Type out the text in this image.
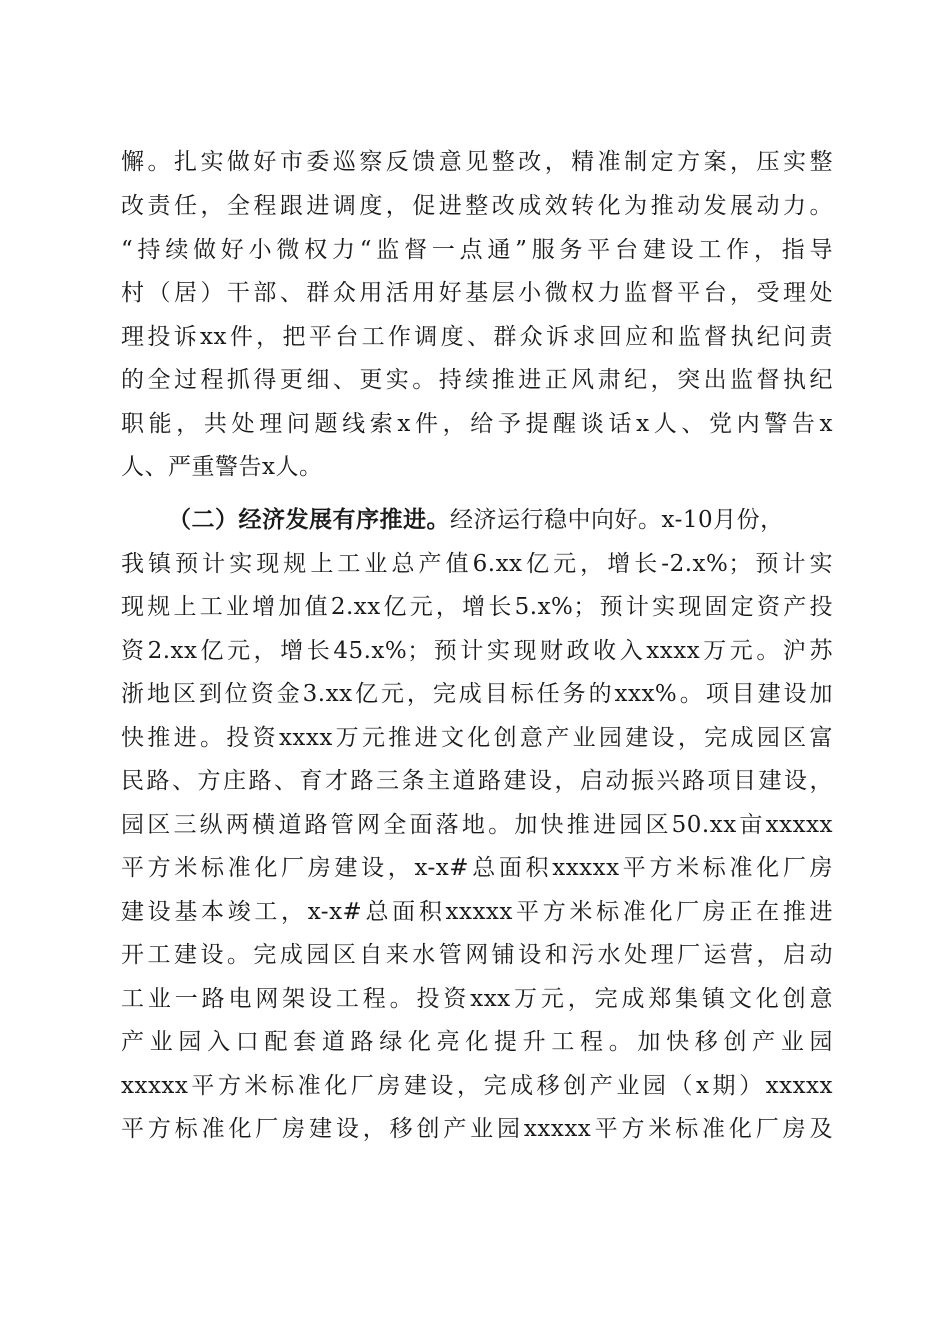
懈。扎实做好市委巡察反馈意见整改，精准制定方案，压实整
改责任，全程跟进调度，促进整改成效转化为推动发展动力。
“持续做好小微权力“监督一点通”服务平台建设工作，指导
村（居）干部、群众用活用好基层小微权力监督平台，受理处
理投诉xx件，把平台工作调度、群众诉求回应和监督执纪问责
的全过程抓得更细、更实。持续推进正风肃纪，突出监督执纪
职能，共处理问题线索x件，给予提醒谈话x人、党内警告x
人、严重警告x人。
（二）经济发展有序推进。经济运行稳中向好。x-10月份，
我镇预计实现规上工业总产值6.xx亿元，增长-2.x%；预计实
现规上工业增加值2.xx亿元，增长5.x%；预计实现固定资产投
资2.xx亿元，增长45.x%；预计实现财政收入xxxx万元。沪苏
浙地区到位资金3.xx亿元，完成目标任务的xxx%。项目建设加
快推进。投资xxxx万元推进文化创意产业园建设，完成园区富
民路、方庄路、育才路三条主道路建设，启动振兴路项目建设，
园区三纵两横道路管网全面落地。加快推进园区50.xx亩xxxxx
平方米标准化厂房建设，x-x#总面积xxxxx平方米标准化厂房
建设基本竣工，x-x#总面积xxxxx平方米标准化厂房正在推进
开工建设。完成园区自来水管网铺设和污水处理厂运营，启动
工业一路电网架设工程。投资xxx万元，完成郑集镇文化创意
产业园入口配套道路绿化亮化提升工程。加快移创产业园
xxxxx平方米标准化厂房建设，完成移创产业园（x期）xxxxx
平方标准化厂房建设，移创产业园xxxxx平方米标准化厂房及
